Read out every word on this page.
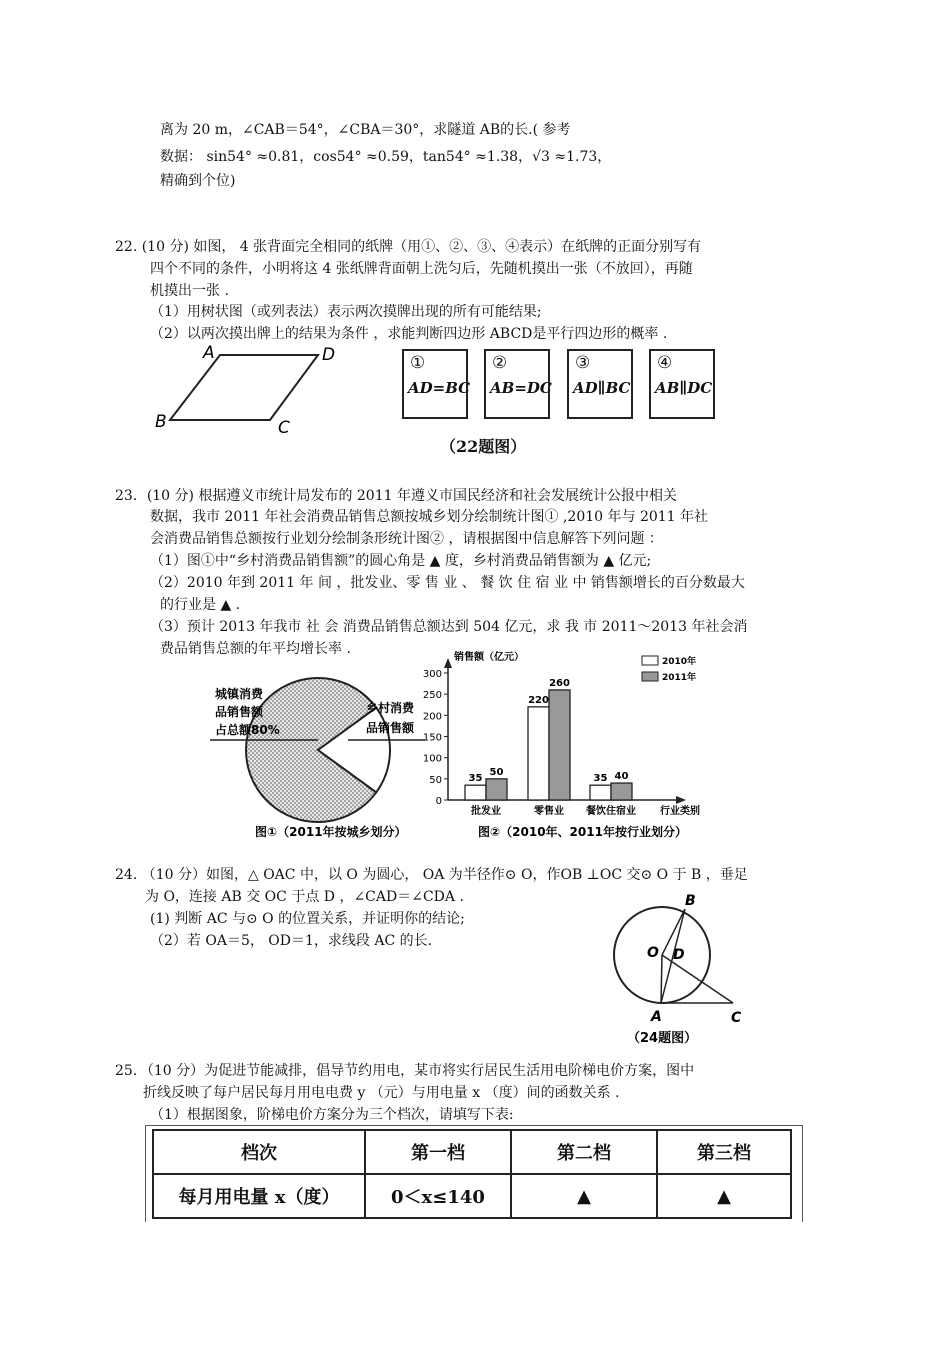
离为 20 m，∠CAB＝54°，∠CBA＝30°，求隧道 AB的长.( 参考
数据： sin54° ≈0.81，cos54° ≈0.59，tan54° ≈1.38，√3 ≈1.73，
精确到个位)
22. (10 分) 如图， 4 张背面完全相同的纸牌（用①、②、③、④表示）在纸牌的正面分别写有
四个不同的条件，小明将这 4 张纸牌背面朝上洗匀后，先随机摸出一张（不放回），再随
机摸出一张 .
（1）用树状图（或列表法）表示两次摸牌出现的所有可能结果;
（2）以两次摸出牌上的结果为条件 ，求能判断四边形 ABCD是平行四边形的概率 .
A	D
B	C
①
AD=BC
②
AB=DC
③
AD∥BC
④
AB∥DC
（22题图）
23．(10 分) 根据遵义市统计局发布的 2011 年遵义市国民经济和社会发展统计公报中相关
数据，我市 2011 年社会消费品销售总额按城乡划分绘制统计图① ,2010 年与 2011 年社
会消费品销售总额按行业划分绘制条形统计图② ，请根据图中信息解答下列问题 ：
（1）图①中“乡村消费品销售额”的圆心角是 ▲ 度，乡村消费品销售额为 ▲ 亿元;
（2）2010 年到 2011 年 间 ，批发业、零 售 业 、 餐 饮 住 宿 业 中 销售额增长的百分数最大
的行业是 ▲ .
（3）预计 2013 年我市 社 会 消费品销售总额达到 504 亿元，求 我 市 2011～2013 年社会消
费品销售总额的年平均增长率 .
城镇消费
品销售额
占总额80%
乡村消费
品销售额
图①（2011年按城乡划分）
0
50
100
150
200
250
300
销售额（亿元）
行业类别
35
50
批发业
220
260
零售业
35 40
餐饮住宿业
2010年
2011年
图②（2010年、2011年按行业划分）
24. （10 分）如图，△ OAC 中，以 O 为圆心， OA 为半径作⊙ O，作OB ⊥OC 交⊙ O 于 B ，垂足
为 O，连接 AB 交 OC 于点 D ，∠CAD＝∠CDA .
(1) 判断 AC 与⊙ O 的位置关系，并证明你的结论;
（2）若 OA＝5， OD＝1，求线段 AC 的长.
B
O D
A	C
（24题图）
25．（10 分）为促进节能减排，倡导节约用电，某市将实行居民生活用电阶梯电价方案，图中
折线反映了每户居民每月用电电费 y （元）与用电量 x （度）间的函数关系 .
（1）根据图象，阶梯电价方案分为三个档次，请填写下表:
档次	第一档	第二档	第三档
每月用电量 x（度）	0＜x≤140	▲	▲
